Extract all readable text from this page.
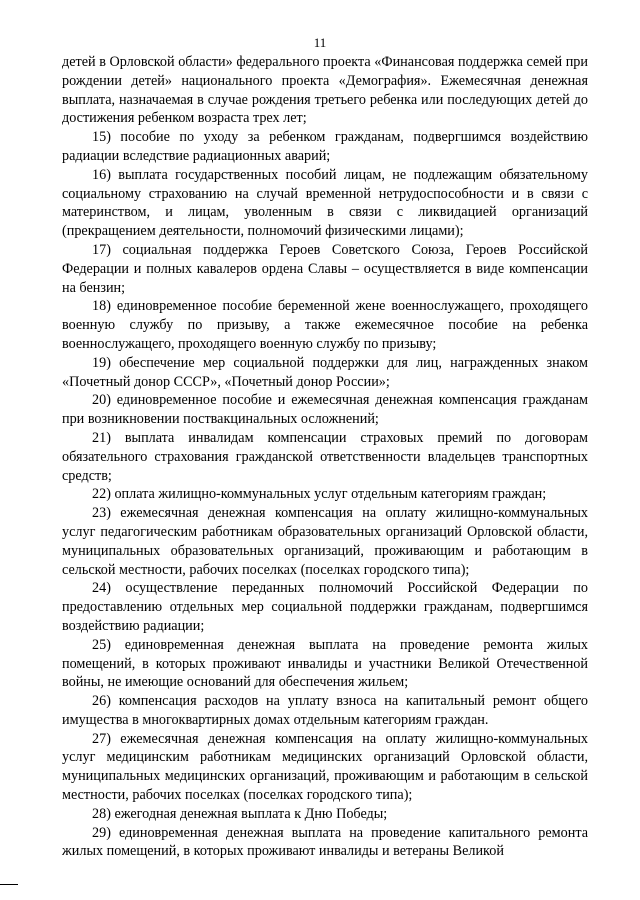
11

детей в Орловской области» федерального проекта «Финансовая поддержка семей при рождении детей» национального проекта «Демография». Ежемесячная денежная выплата, назначаемая в случае рождения третьего ребенка или последующих детей до достижения ребенком возраста трех лет;

15) пособие по уходу за ребенком гражданам, подвергшимся воздействию радиации вследствие радиационных аварий;

16) выплата государственных пособий лицам, не подлежащим обязательному социальному страхованию на случай временной нетрудоспособности и в связи с материнством, и лицам, уволенным в связи с ликвидацией организаций (прекращением деятельности, полномочий физическими лицами);

17) социальная поддержка Героев Советского Союза, Героев Российской Федерации и полных кавалеров ордена Славы – осуществляется в виде компенсации на бензин;

18) единовременное пособие беременной жене военнослужащего, проходящего военную службу по призыву, а также ежемесячное пособие на ребенка военнослужащего, проходящего военную службу по призыву;

19) обеспечение мер социальной поддержки для лиц, награжденных знаком «Почетный донор СССР», «Почетный донор России»;

20) единовременное пособие и ежемесячная денежная компенсация гражданам при возникновении поствакцинальных осложнений;

21) выплата инвалидам компенсации страховых премий по договорам обязательного страхования гражданской ответственности владельцев транспортных средств;

22) оплата жилищно-коммунальных услуг отдельным категориям граждан;

23) ежемесячная денежная компенсация на оплату жилищно-коммунальных услуг педагогическим работникам образовательных организаций Орловской области, муниципальных образовательных организаций, проживающим и работающим в сельской местности, рабочих поселках (поселках городского типа);

24) осуществление переданных полномочий Российской Федерации по предоставлению отдельных мер социальной поддержки гражданам, подвергшимся воздействию радиации;

25) единовременная денежная выплата на проведение ремонта жилых помещений, в которых проживают инвалиды и участники Великой Отечественной войны, не имеющие оснований для обеспечения жильем;

26) компенсация расходов на уплату взноса на капитальный ремонт общего имущества в многоквартирных домах отдельным категориям граждан.

27) ежемесячная денежная компенсация на оплату жилищно-коммунальных услуг медицинским работникам медицинских организаций Орловской области, муниципальных медицинских организаций, проживающим и работающим в сельской местности, рабочих поселках (поселках городского типа);

28) ежегодная денежная выплата к Дню Победы;

29) единовременная денежная выплата на проведение капитального ремонта жилых помещений, в которых проживают инвалиды и ветераны Великой
